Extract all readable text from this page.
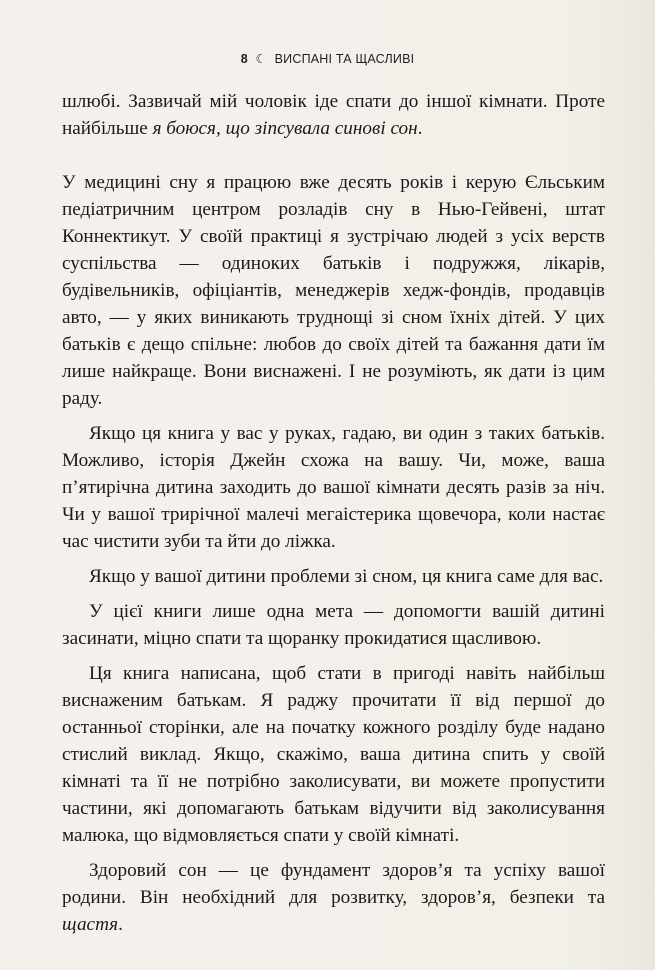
8 ☾ ВИСПАНІ ТА ЩАСЛИВІ

шлюбі. Зазвичай мій чоловік іде спати до іншої кімнати. Проте найбільше я боюся, що зіпсувала синові сон.

У медицині сну я працюю вже десять років і керую Єльським педіатричним центром розладів сну в Нью-Гейвені, штат Коннектикут. У своїй практиці я зустрічаю людей з усіх верств суспільства — одиноких батьків і подружжя, лікарів, будівельників, офіціантів, менеджерів хедж-фондів, продавців авто, — у яких виникають труднощі зі сном їхніх дітей. У цих батьків є дещо спільне: любов до своїх дітей та бажання дати їм лише найкраще. Вони виснажені. І не розуміють, як дати із цим раду.

Якщо ця книга у вас у руках, гадаю, ви один з таких батьків. Можливо, історія Джейн схожа на вашу. Чи, може, ваша п’ятирічна дитина заходить до вашої кімнати десять разів за ніч. Чи у вашої трирічної малечі мегаістерика щовечора, коли настає час чистити зуби та йти до ліжка.

Якщо у вашої дитини проблеми зі сном, ця книга саме для вас.

У цієї книги лише одна мета — допомогти вашій дитині засинати, міцно спати та щоранку прокидатися щасливою.

Ця книга написана, щоб стати в пригоді навіть найбільш виснаженим батькам. Я раджу прочитати її від першої до останньої сторінки, але на початку кожного розділу буде надано стислий виклад. Якщо, скажімо, ваша дитина спить у своїй кімнаті та її не потрібно заколисувати, ви можете пропустити частини, які допомагають батькам відучити від заколисування малюка, що відмовляється спати у своїй кімнаті.

Здоровий сон — це фундамент здоров’я та успіху вашої родини. Він необхідний для розвитку, здоров’я, безпеки та щастя.
